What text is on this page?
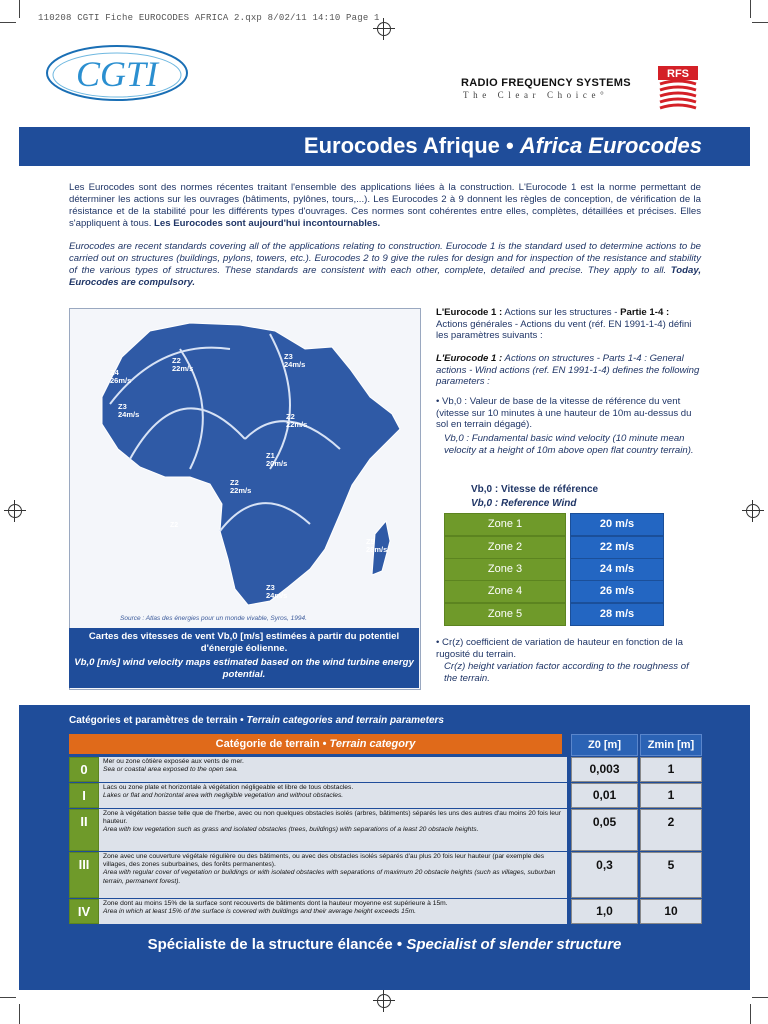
110208 CGTI Fiche EUROCODES AFRICA 2.qxp 8/02/11 14:10 Page 1
CGTI	RADIO FREQUENCY SYSTEMS
The Clear Choice°
RFS
Eurocodes Afrique • Africa Eurocodes
Les Eurocodes sont des normes récentes traitant l'ensemble des applications liées à la construction. L'Eurocode 1 est la norme permettant de déterminer les actions sur les ouvrages (bâtiments, pylônes, tours,...). Les Eurocodes 2 à 9 donnent les règles de conception, de vérification de la résistance et de la stabilité pour les différents types d'ouvrages. Ces normes sont cohérentes entre elles, complètes, détaillées et précises. Elles s'appliquent à tous. Les Eurocodes sont aujourd'hui incontournables.
Eurocodes are recent standards covering all of the applications relating to construction. Eurocode 1 is the standard used to determine actions to be carried out on structures (buildings, pylons, towers, etc.). Eurocodes 2 to 9 give the rules for design and for inspection of the resistance and stability of the various types of structures. These standards are consistent with each other, complete, detailed and precise. They apply to all. Today, Eurocodes are compulsory.
Z2
Z4
26m/s
Z2
22m/s
Z3
24m/s
Z3
24m/s	Z2
22m/s
Z1
20m/s
Z2
22m/s
Z5
28m/s
Z3
24m/s
Source : Atlas des énergies pour un monde vivable, Syros, 1994.
Cartes des vitesses de vent Vb,0 [m/s] estimées à partir du potentiel d'énergie éolienne.
Vb,0 [m/s] wind velocity maps estimated based on the wind turbine energy potential.
L'Eurocode 1 : Actions sur les structures - Partie 1-4 : Actions générales - Actions du vent (réf. EN 1991-1-4) défini les paramètres suivants :
L'Eurocode 1 : Actions on structures - Parts 1-4 : General actions - Wind actions (ref. EN 1991-1-4) defines the following parameters :
• Vb,0 : Valeur de base de la vitesse de référence du vent (vitesse sur 10 minutes à une hauteur de 10m au-dessus du sol en terrain dégagé).
Vb,0 : Fundamental basic wind velocity (10 minute mean velocity at a height of 10m above open flat country terrain).
Vb,0 : Vitesse de référence
Vb,0 : Reference Wind
Zone 1	20 m/s
Zone 2	22 m/s
Zone 3	24 m/s
Zone 4	26 m/s
Zone 5	28 m/s
• Cr(z) coefficient de variation de hauteur en fonction de la rugosité du terrain.
Cr(z) height variation factor according to the roughness of the terrain.
Catégories et paramètres de terrain • Terrain categories and terrain parameters
Catégorie de terrain • Terrain category	Z0 [m]	Zmin [m]
0
Mer ou zone côtière exposée aux vents de mer.
Sea or coastal area exposed to the open sea.	0,003	1
I
Lacs ou zone plate et horizontale à végétation négligeable et libre de tous obstacles.
Lakes or flat and horizontal area with negligible vegetation and without obstacles.	0,01	1
II
Zone à végétation basse telle que de l'herbe, avec ou non quelques obstacles isolés (arbres, bâtiments) séparés les uns des autres d'au moins 20 fois leur hauteur.
Area with low vegetation such as grass and isolated obstacles (trees, buildings) with separations of a least 20 obstacle heights.
0,05	2
III
Zone avec une couverture végétale régulière ou des bâtiments, ou avec des obstacles isolés séparés d'au plus 20 fois leur hauteur (par exemple des villages, des zones suburbaines, des forêts permanentes).
Area with regular cover of vegetation or buildings or with isolated obstacles with separations of maximum 20 obstacle heights (such as villages, suburban terrain, permanent forest).
0,3	5
IV
Zone dont au moins 15% de la surface sont recouverts de bâtiments dont la hauteur moyenne est supérieure à 15m.
Area in which at least 15% of the surface is covered with buildings and their average height exceeds 15m.	1,0	10
Spécialiste de la structure élancée • Specialist of slender structure
